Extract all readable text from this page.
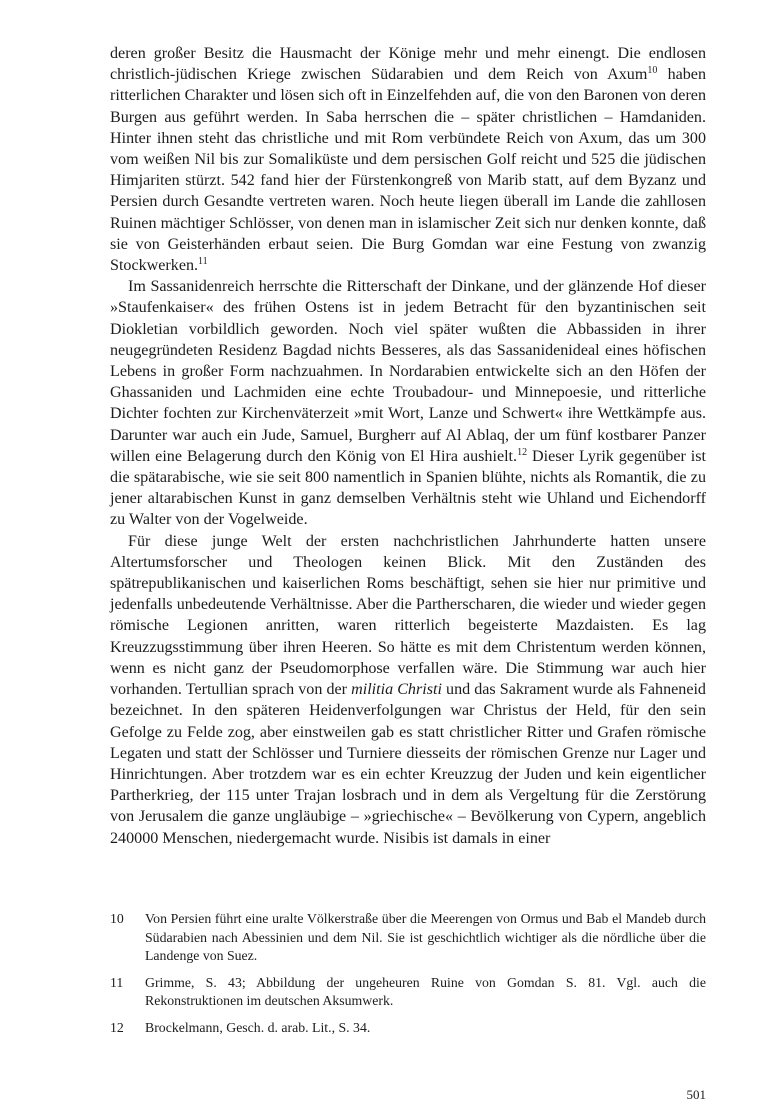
deren großer Besitz die Hausmacht der Könige mehr und mehr einengt. Die endlosen christlich-jüdischen Kriege zwischen Südarabien und dem Reich von Axum$^{10}$ haben ritterlichen Charakter und lösen sich oft in Einzelfehden auf, die von den Baronen von deren Burgen aus geführt werden. In Saba herrschen die – später christlichen – Hamdaniden. Hinter ihnen steht das christliche und mit Rom verbündete Reich von Axum, das um 300 vom weißen Nil bis zur Somaliküste und dem persischen Golf reicht und 525 die jüdischen Himjariten stürzt. 542 fand hier der Fürstenkongreß von Marib statt, auf dem Byzanz und Persien durch Gesandte vertreten waren. Noch heute liegen überall im Lande die zahllosen Ruinen mächtiger Schlösser, von denen man in islamischer Zeit sich nur denken konnte, daß sie von Geisterhänden erbaut seien. Die Burg Gomdan war eine Festung von zwanzig Stockwerken.$^{11}$

Im Sassanidenreich herrschte die Ritterschaft der Dinkane, und der glänzende Hof dieser »Staufenkaiser« des frühen Ostens ist in jedem Betracht für den byzantinischen seit Diokletian vorbildlich geworden. Noch viel später wußten die Abbassiden in ihrer neugegründeten Residenz Bagdad nichts Besseres, als das Sassanidenideal eines höfischen Lebens in großer Form nachzuahmen. In Nordarabien entwickelte sich an den Höfen der Ghassaniden und Lachmiden eine echte Troubadour- und Minnepoesie, und ritterliche Dichter fochten zur Kirchenväterzeit »mit Wort, Lanze und Schwert« ihre Wettkämpfe aus. Darunter war auch ein Jude, Samuel, Burgherr auf Al Ablaq, der um fünf kostbarer Panzer willen eine Belagerung durch den König von El Hira aushielt.$^{12}$ Dieser Lyrik gegenüber ist die spätarabische, wie sie seit 800 namentlich in Spanien blühte, nichts als Romantik, die zu jener altarabischen Kunst in ganz demselben Verhältnis steht wie Uhland und Eichendorff zu Walter von der Vogelweide.

Für diese junge Welt der ersten nachchristlichen Jahrhunderte hatten unsere Altertumsforscher und Theologen keinen Blick. Mit den Zuständen des spätrepublikanischen und kaiserlichen Roms beschäftigt, sehen sie hier nur primitive und jedenfalls unbedeutende Verhältnisse. Aber die Partherscharen, die wieder und wieder gegen römische Legionen anritten, waren ritterlich begeisterte Mazdaisten. Es lag Kreuzzugsstimmung über ihren Heeren. So hätte es mit dem Christentum werden können, wenn es nicht ganz der Pseudomorphose verfallen wäre. Die Stimmung war auch hier vorhanden. Tertullian sprach von der militia Christi und das Sakrament wurde als Fahneneid bezeichnet. In den späteren Heidenverfolgungen war Christus der Held, für den sein Gefolge zu Felde zog, aber einstweilen gab es statt christlicher Ritter und Grafen römische Legaten und statt der Schlösser und Turniere diesseits der römischen Grenze nur Lager und Hinrichtungen. Aber trotzdem war es ein echter Kreuzzug der Juden und kein eigentlicher Partherkrieg, der 115 unter Trajan losbrach und in dem als Vergeltung für die Zerstörung von Jerusalem die ganze ungläubige – »griechische« – Bevölkerung von Cypern, angeblich 240000 Menschen, niedergemacht wurde. Nisibis ist damals in einer

10	Von Persien führt eine uralte Völkerstraße über die Meerengen von Ormus und Bab el Mandeb durch Südarabien nach Abessinien und dem Nil. Sie ist geschichtlich wichtiger als die nördliche über die Landenge von Suez.
11	Grimme, S. 43; Abbildung der ungeheuren Ruine von Gomdan S. 81. Vgl. auch die Rekonstruktionen im deutschen Aksumwerk.
12	Brockelmann, Gesch. d. arab. Lit., S. 34.
501
